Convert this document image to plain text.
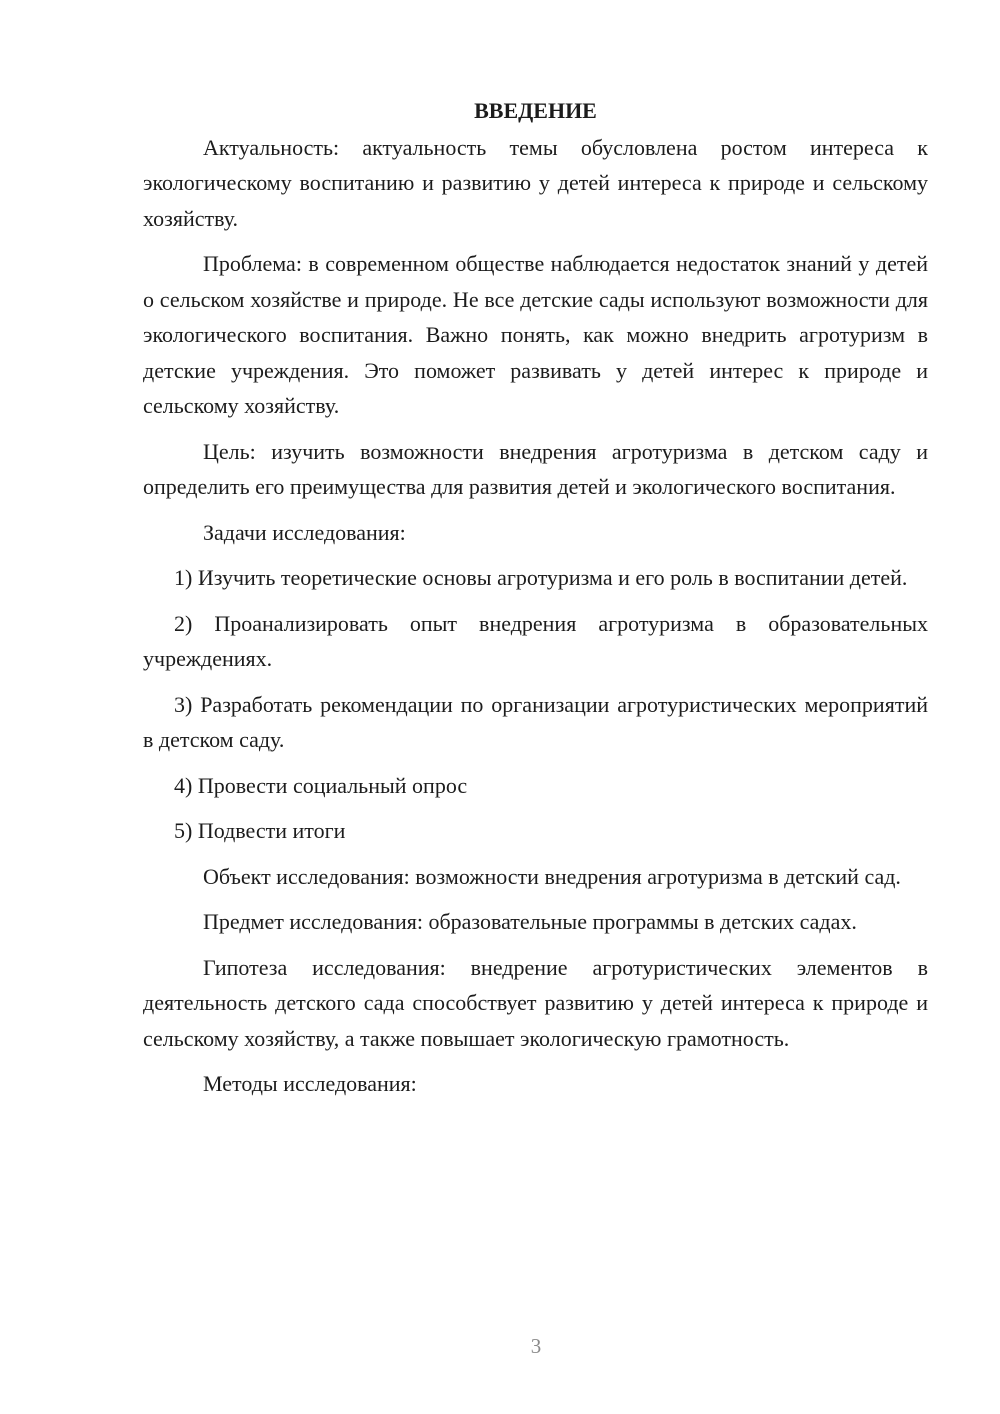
ВВЕДЕНИЕ

Актуальность: актуальность темы обусловлена ростом интереса к экологическому воспитанию и развитию у детей интереса к природе и сельскому хозяйству.

Проблема: в современном обществе наблюдается недостаток знаний у детей о сельском хозяйстве и природе. Не все детские сады используют возможности для экологического воспитания. Важно понять, как можно внедрить агротуризм в детские учреждения. Это поможет развивать у детей интерес к природе и сельскому хозяйству.

Цель: изучить возможности внедрения агротуризма в детском саду и определить его преимущества для развития детей и экологического воспитания.

Задачи исследования:

1) Изучить теоретические основы агротуризма и его роль в воспитании детей.

2) Проанализировать опыт внедрения агротуризма в образовательных учреждениях.

3) Разработать рекомендации по организации агротуристических мероприятий в детском саду.

4) Провести социальный опрос

5) Подвести итоги

Объект исследования: возможности внедрения агротуризма в детский сад.

Предмет исследования: образовательные программы в детских садах.

Гипотеза исследования: внедрение агротуристических элементов в деятельность детского сада способствует развитию у детей интереса к природе и сельскому хозяйству, а также повышает экологическую грамотность.

Методы исследования:

3
